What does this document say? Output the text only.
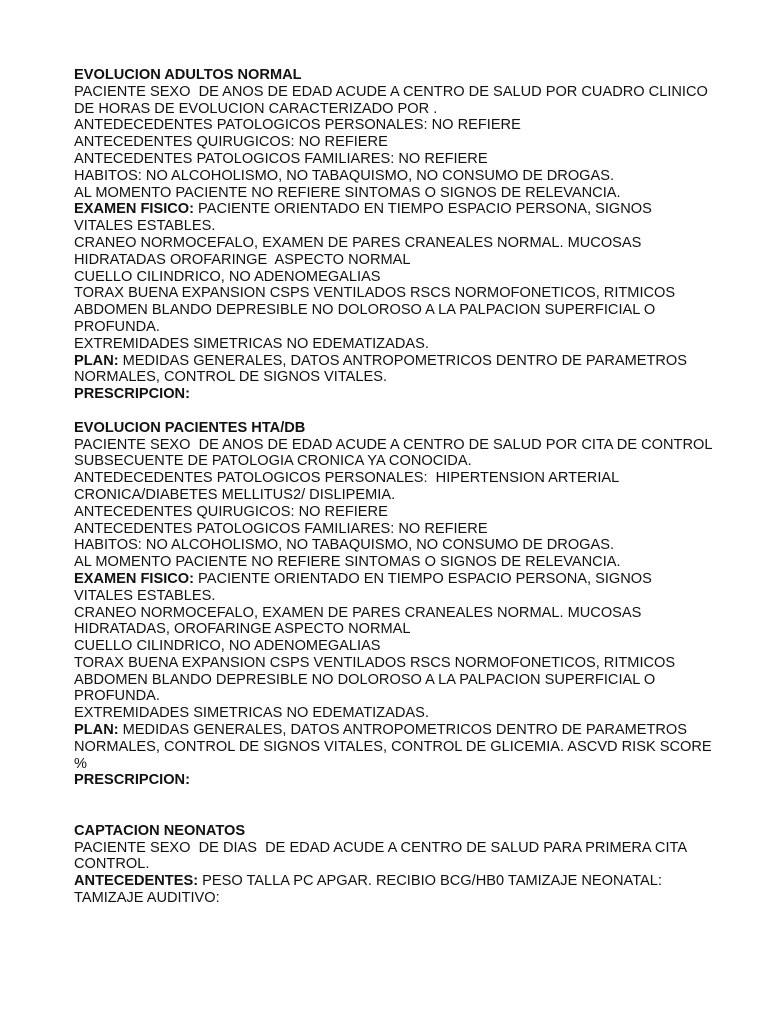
EVOLUCION ADULTOS NORMAL
PACIENTE SEXO  DE ANOS DE EDAD ACUDE A CENTRO DE SALUD POR CUADRO CLINICO DE HORAS DE EVOLUCION CARACTERIZADO POR .
ANTEDECEDENTES PATOLOGICOS PERSONALES: NO REFIERE
ANTECEDENTES QUIRUGICOS: NO REFIERE
ANTECEDENTES PATOLOGICOS FAMILIARES: NO REFIERE
HABITOS: NO ALCOHOLISMO, NO TABAQUISMO, NO CONSUMO DE DROGAS.
AL MOMENTO PACIENTE NO REFIERE SINTOMAS O SIGNOS DE RELEVANCIA.
EXAMEN FISICO: PACIENTE ORIENTADO EN TIEMPO ESPACIO PERSONA, SIGNOS VITALES ESTABLES.
CRANEO NORMOCEFALO, EXAMEN DE PARES CRANEALES NORMAL. MUCOSAS HIDRATADAS OROFARINGE  ASPECTO NORMAL
CUELLO CILINDRICO, NO ADENOMEGALIAS
TORAX BUENA EXPANSION CSPS VENTILADOS RSCS NORMOFONETICOS, RITMICOS
ABDOMEN BLANDO DEPRESIBLE NO DOLOROSO A LA PALPACION SUPERFICIAL O PROFUNDA.
EXTREMIDADES SIMETRICAS NO EDEMATIZADAS.
PLAN: MEDIDAS GENERALES, DATOS ANTROPOMETRICOS DENTRO DE PARAMETROS NORMALES, CONTROL DE SIGNOS VITALES.
PRESCRIPCION:
EVOLUCION PACIENTES HTA/DB
PACIENTE SEXO  DE ANOS DE EDAD ACUDE A CENTRO DE SALUD POR CITA DE CONTROL SUBSECUENTE DE PATOLOGIA CRONICA YA CONOCIDA.
ANTEDECEDENTES PATOLOGICOS PERSONALES:  HIPERTENSION ARTERIAL CRONICA/DIABETES MELLITUS2/ DISLIPEMIA.
ANTECEDENTES QUIRUGICOS: NO REFIERE
ANTECEDENTES PATOLOGICOS FAMILIARES: NO REFIERE
HABITOS: NO ALCOHOLISMO, NO TABAQUISMO, NO CONSUMO DE DROGAS.
AL MOMENTO PACIENTE NO REFIERE SINTOMAS O SIGNOS DE RELEVANCIA.
EXAMEN FISICO: PACIENTE ORIENTADO EN TIEMPO ESPACIO PERSONA, SIGNOS VITALES ESTABLES.
CRANEO NORMOCEFALO, EXAMEN DE PARES CRANEALES NORMAL. MUCOSAS HIDRATADAS, OROFARINGE ASPECTO NORMAL
CUELLO CILINDRICO, NO ADENOMEGALIAS
TORAX BUENA EXPANSION CSPS VENTILADOS RSCS NORMOFONETICOS, RITMICOS
ABDOMEN BLANDO DEPRESIBLE NO DOLOROSO A LA PALPACION SUPERFICIAL O PROFUNDA.
EXTREMIDADES SIMETRICAS NO EDEMATIZADAS.
PLAN: MEDIDAS GENERALES, DATOS ANTROPOMETRICOS DENTRO DE PARAMETROS NORMALES, CONTROL DE SIGNOS VITALES, CONTROL DE GLICEMIA. ASCVD RISK SCORE %
PRESCRIPCION:
CAPTACION NEONATOS
PACIENTE SEXO  DE DIAS  DE EDAD ACUDE A CENTRO DE SALUD PARA PRIMERA CITA CONTROL.
ANTECEDENTES: PESO TALLA PC APGAR. RECIBIO BCG/HB0 TAMIZAJE NEONATAL:  TAMIZAJE AUDITIVO:
